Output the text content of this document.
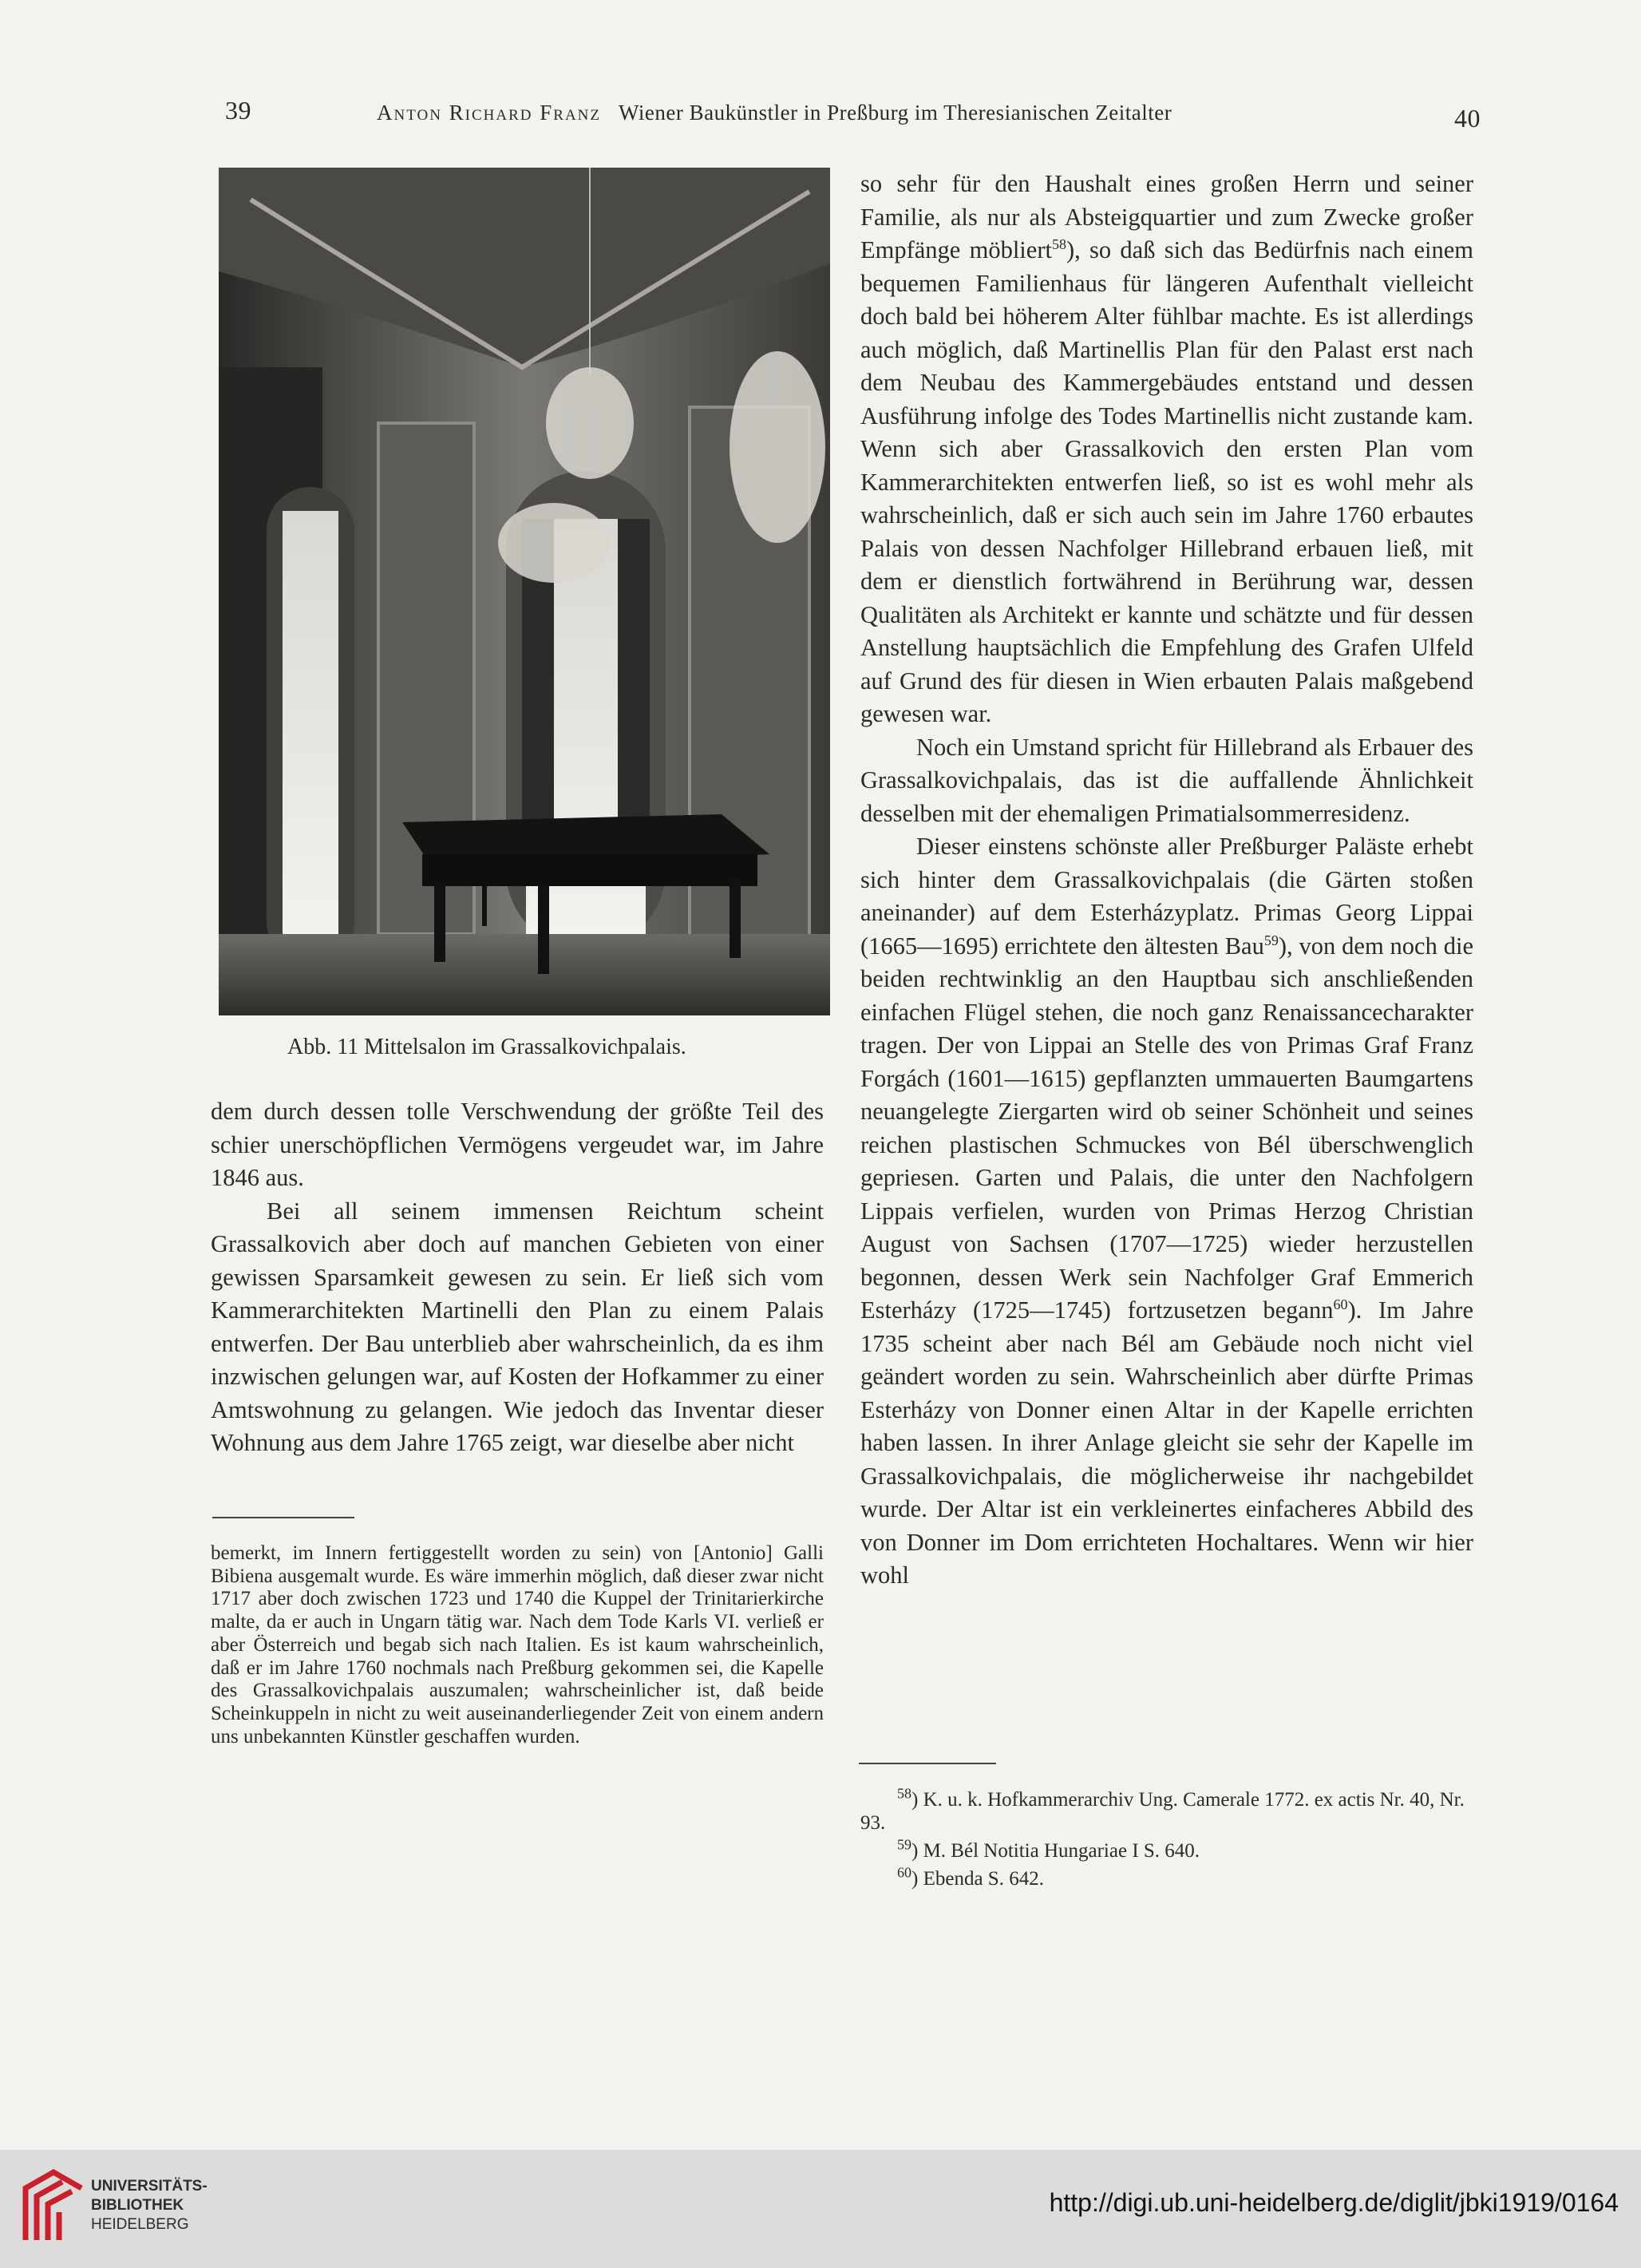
39	Anton Richard Franz Wiener Baukünstler in Preßburg im Theresianischen Zeitalter	40
Abb. 11 Mittelsalon im Grassalkovichpalais.

dem durch dessen tolle Verschwendung der größte Teil des schier unerschöpflichen Vermögens vergeudet war, im Jahre 1846 aus.

Bei all seinem immensen Reichtum scheint Grassalkovich aber doch auf manchen Gebieten von einer gewissen Sparsamkeit gewesen zu sein. Er ließ sich vom Kammerarchitekten Martinelli den Plan zu einem Palais entwerfen. Der Bau unterblieb aber wahrscheinlich, da es ihm inzwischen gelungen war, auf Kosten der Hofkammer zu einer Amtswohnung zu gelangen. Wie jedoch das Inventar dieser Wohnung aus dem Jahre 1765 zeigt, war dieselbe aber nicht

bemerkt, im Innern fertiggestellt worden zu sein) von [Antonio] Galli Bibiena ausgemalt wurde. Es wäre immerhin möglich, daß dieser zwar nicht 1717 aber doch zwischen 1723 und 1740 die Kuppel der Trinitarierkirche malte, da er auch in Ungarn tätig war. Nach dem Tode Karls VI. verließ er aber Österreich und begab sich nach Italien. Es ist kaum wahrscheinlich, daß er im Jahre 1760 nochmals nach Preßburg gekommen sei, die Kapelle des Grassalkovichpalais auszumalen; wahrscheinlicher ist, daß beide Scheinkuppeln in nicht zu weit auseinanderliegender Zeit von einem andern uns unbekannten Künstler geschaffen wurden.

so sehr für den Haushalt eines großen Herrn und seiner Familie, als nur als Absteigquartier und zum Zwecke großer Empfänge möbliert$^{58}$), so daß sich das Bedürfnis nach einem bequemen Familienhaus für längeren Aufenthalt vielleicht doch bald bei höherem Alter fühlbar machte. Es ist allerdings auch möglich, daß Martinellis Plan für den Palast erst nach dem Neubau des Kammergebäudes entstand und dessen Ausführung infolge des Todes Martinellis nicht zustande kam. Wenn sich aber Grassalkovich den ersten Plan vom Kammerarchitekten entwerfen ließ, so ist es wohl mehr als wahrscheinlich, daß er sich auch sein im Jahre 1760 erbautes Palais von dessen Nachfolger Hillebrand erbauen ließ, mit dem er dienstlich fortwährend in Berührung war, dessen Qualitäten als Architekt er kannte und schätzte und für dessen Anstellung hauptsächlich die Empfehlung des Grafen Ulfeld auf Grund des für diesen in Wien erbauten Palais maßgebend gewesen war.

Noch ein Umstand spricht für Hillebrand als Erbauer des Grassalkovichpalais, das ist die auffallende Ähnlichkeit desselben mit der ehemaligen Primatialsommerresidenz.

Dieser einstens schönste aller Preßburger Paläste erhebt sich hinter dem Grassalkovichpalais (die Gärten stoßen aneinander) auf dem Esterházyplatz. Primas Georg Lippai (1665—1695) errichtete den ältesten Bau$^{59}$), von dem noch die beiden rechtwinklig an den Hauptbau sich anschließenden einfachen Flügel stehen, die noch ganz Renaissancecharakter tragen. Der von Lippai an Stelle des von Primas Graf Franz Forgách (1601—1615) gepflanzten ummauerten Baumgartens neuangelegte Ziergarten wird ob seiner Schönheit und seines reichen plastischen Schmuckes von Bél überschwenglich gepriesen. Garten und Palais, die unter den Nachfolgern Lippais verfielen, wurden von Primas Herzog Christian August von Sachsen (1707—1725) wieder herzustellen begonnen, dessen Werk sein Nachfolger Graf Emmerich Esterházy (1725—1745) fortzusetzen begann$^{60}$). Im Jahre 1735 scheint aber nach Bél am Gebäude noch nicht viel geändert worden zu sein. Wahrscheinlich aber dürfte Primas Esterházy von Donner einen Altar in der Kapelle errichten haben lassen. In ihrer Anlage gleicht sie sehr der Kapelle im Grassalkovichpalais, die möglicherweise ihr nachgebildet wurde. Der Altar ist ein verkleinertes einfacheres Abbild des von Donner im Dom errichteten Hochaltares. Wenn wir hier wohl

$^{58}$) K. u. k. Hofkammerarchiv Ung. Camerale 1772. ex actis Nr. 40, Nr. 93.

$^{59}$) M. Bél Notitia Hungariae I S. 640.

$^{60}$) Ebenda S. 642.

UNIVERSITÄTS-
BIBLIOTHEK
HEIDELBERG
http://digi.ub.uni-heidelberg.de/diglit/jbki1919/0164
